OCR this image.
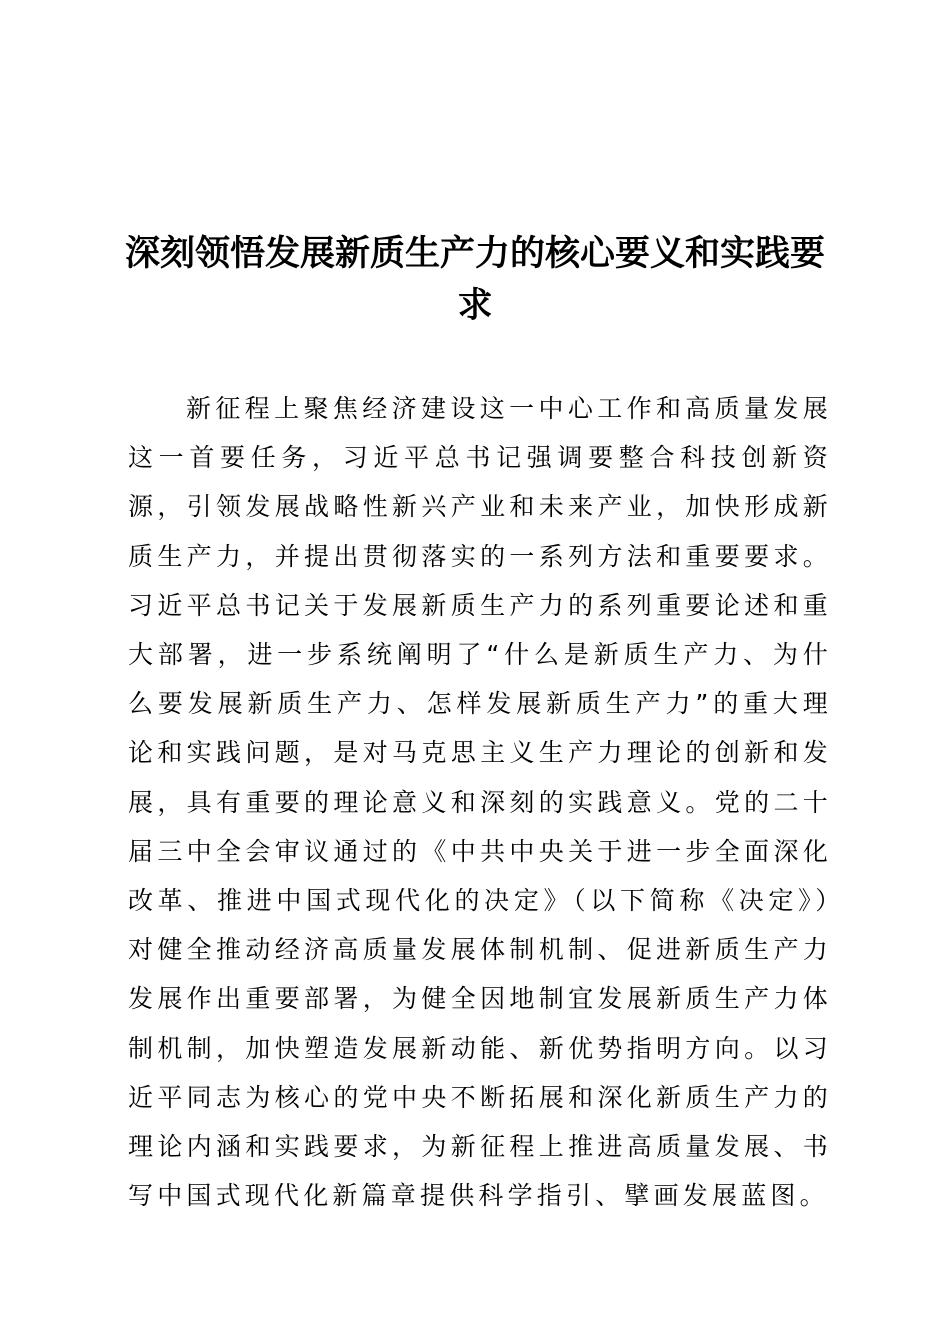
深刻领悟发展新质生产力的核心要义和实践要求

新征程上聚焦经济建设这一中心工作和高质量发展这一首要任务，习近平总书记强调要整合科技创新资源，引领发展战略性新兴产业和未来产业，加快形成新质生产力，并提出贯彻落实的一系列方法和重要要求。习近平总书记关于发展新质生产力的系列重要论述和重大部署，进一步系统阐明了“什么是新质生产力、为什么要发展新质生产力、怎样发展新质生产力”的重大理论和实践问题，是对马克思主义生产力理论的创新和发展，具有重要的理论意义和深刻的实践意义。党的二十届三中全会审议通过的《中共中央关于进一步全面深化改革、推进中国式现代化的决定》（以下简称《决定》）对健全推动经济高质量发展体制机制、促进新质生产力发展作出重要部署，为健全因地制宜发展新质生产力体制机制，加快塑造发展新动能、新优势指明方向。以习近平同志为核心的党中央不断拓展和深化新质生产力的理论内涵和实践要求，为新征程上推进高质量发展、书写中国式现代化新篇章提供科学指引、擘画发展蓝图。
